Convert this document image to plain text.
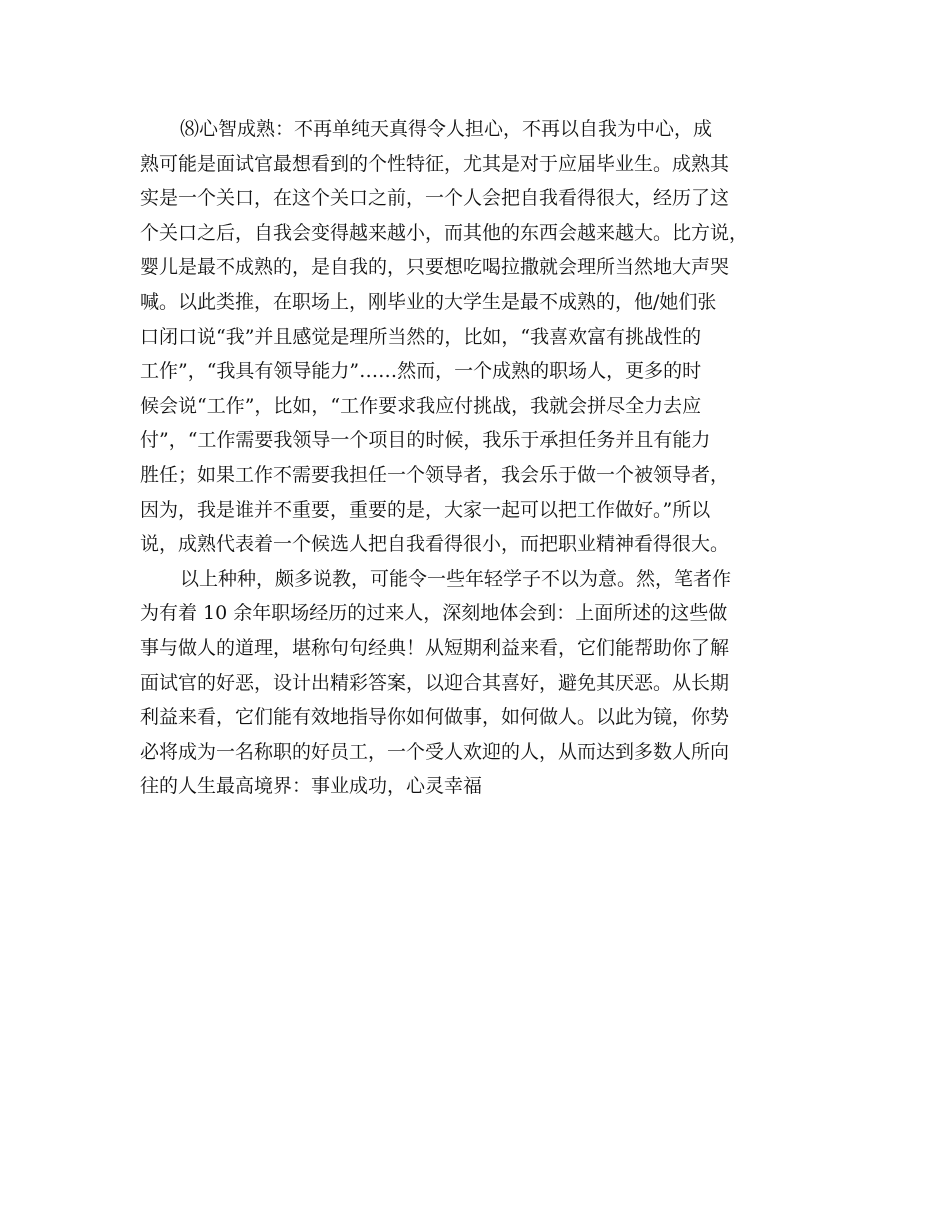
⑻心智成熟：不再单纯天真得令人担心，不再以自我为中心，成
熟可能是面试官最想看到的个性特征，尤其是对于应届毕业生。成熟其
实是一个关口，在这个关口之前，一个人会把自我看得很大，经历了这
个关口之后，自我会变得越来越小，而其他的东西会越来越大。比方说，
婴儿是最不成熟的，是自我的，只要想吃喝拉撒就会理所当然地大声哭
喊。以此类推，在职场上，刚毕业的大学生是最不成熟的，他/她们张
口闭口说“我”并且感觉是理所当然的，比如，“我喜欢富有挑战性的
工作”，“我具有领导能力”……然而，一个成熟的职场人，更多的时
候会说“工作”，比如，“工作要求我应付挑战，我就会拼尽全力去应
付”，“工作需要我领导一个项目的时候，我乐于承担任务并且有能力
胜任；如果工作不需要我担任一个领导者，我会乐于做一个被领导者，
因为，我是谁并不重要，重要的是，大家一起可以把工作做好。”所以
说，成熟代表着一个候选人把自我看得很小，而把职业精神看得很大。
以上种种，颇多说教，可能令一些年轻学子不以为意。然，笔者作
为有着 10 余年职场经历的过来人，深刻地体会到：上面所述的这些做
事与做人的道理，堪称句句经典！从短期利益来看，它们能帮助你了解
面试官的好恶，设计出精彩答案，以迎合其喜好，避免其厌恶。从长期
利益来看，它们能有效地指导你如何做事，如何做人。以此为镜，你势
必将成为一名称职的好员工，一个受人欢迎的人，从而达到多数人所向
往的人生最高境界：事业成功，心灵幸福
